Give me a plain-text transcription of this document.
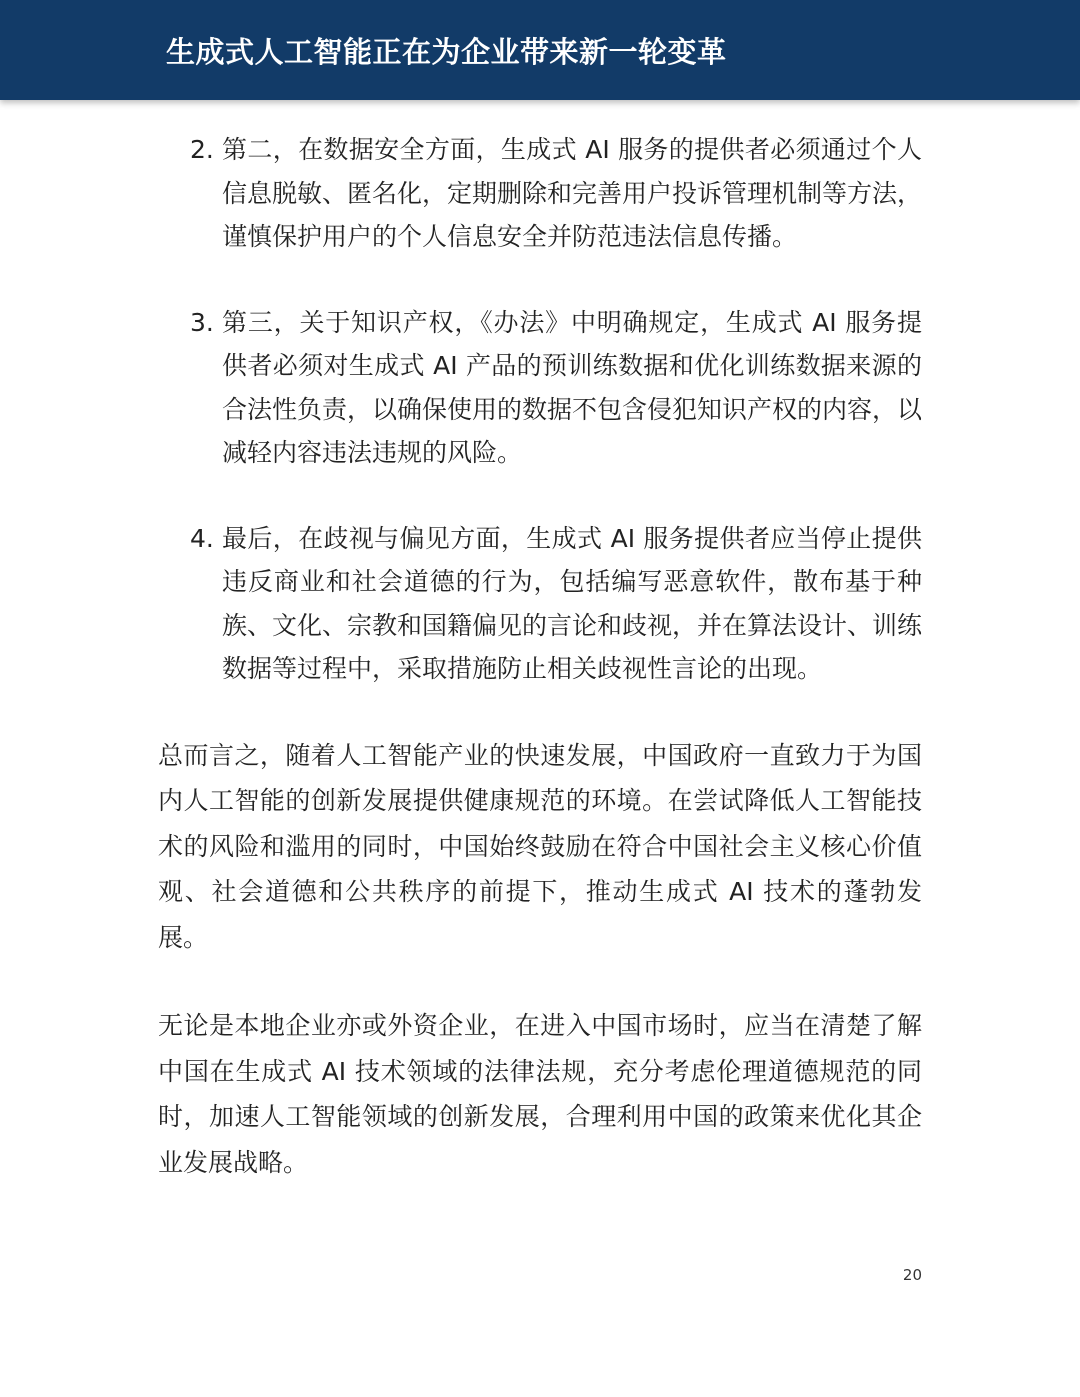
生成式人工智能正在为企业带来新一轮变革
2. 第二，在数据安全方面，生成式 AI 服务的提供者必须通过个人信息脱敏、匿名化，定期删除和完善用户投诉管理机制等方法，谨慎保护用户的个人信息安全并防范违法信息传播。
3. 第三，关于知识产权，《办法》中明确规定，生成式 AI 服务提供者必须对生成式 AI 产品的预训练数据和优化训练数据来源的合法性负责，以确保使用的数据不包含侵犯知识产权的内容，以减轻内容违法违规的风险。
4. 最后，在歧视与偏见方面，生成式 AI 服务提供者应当停止提供违反商业和社会道德的行为，包括编写恶意软件，散布基于种族、文化、宗教和国籍偏见的言论和歧视，并在算法设计、训练数据等过程中，采取措施防止相关歧视性言论的出现。

总而言之，随着人工智能产业的快速发展，中国政府一直致力于为国内人工智能的创新发展提供健康规范的环境。在尝试降低人工智能技术的风险和滥用的同时，中国始终鼓励在符合中国社会主义核心价值观、社会道德和公共秩序的前提下，推动生成式 AI 技术的蓬勃发展。

无论是本地企业亦或外资企业，在进入中国市场时，应当在清楚了解中国在生成式 AI 技术领域的法律法规，充分考虑伦理道德规范的同时，加速人工智能领域的创新发展，合理利用中国的政策来优化其企业发展战略。

20
